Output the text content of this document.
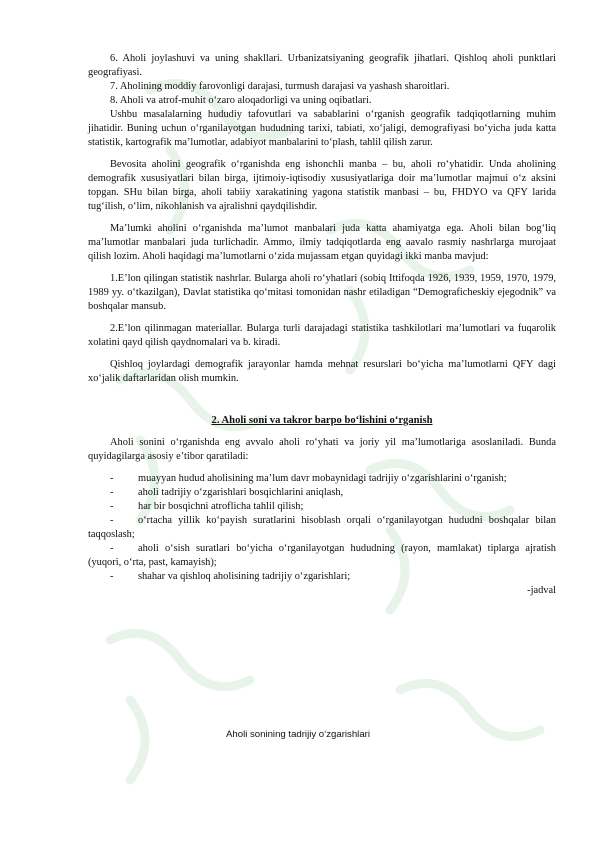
6. Aholi joylashuvi va uning shakllari. Urbanizatsiyaning geografik jihatlari. Qishloq aholi punktlari geografiyasi.

7. Aholining moddiy farovonligi darajasi, turmush darajasi va yashash sharoitlari.

8. Aholi va atrof-muhit o‘zaro aloqadorligi va uning oqibatlari.

Ushbu masalalarning hududiy tafovutlari va sabablarini o‘rganish geografik tadqiqotlarning muhim jihatidir. Buning uchun o‘rganilayotgan hududning tarixi, tabiati, xo‘jaligi, demografiyasi bo‘yicha juda katta statistik, kartografik ma’lumotlar, adabiyot manbalarini to‘plash, tahlil qilish zarur.

Bevosita aholini geografik o‘rganishda eng ishonchli manba – bu, aholi ro‘yhatidir. Unda aholining demografik xususiyatlari bilan birga, ijtimoiy-iqtisodiy xususiyatlariga doir ma’lumotlar majmui o‘z aksini topgan. SHu bilan birga, aholi tabiiy xarakatining yagona statistik manbasi – bu, FHDYO va QFY larida tug‘ilish, o‘lim, nikohlanish va ajralishni qaydqilishdir.

Ma’lumki aholini o‘rganishda ma’lumot manbalari juda katta ahamiyatga ega. Aholi bilan bog‘liq ma’lumotlar manbalari juda turlichadir. Ammo, ilmiy tadqiqotlarda eng aavalo rasmiy nashrlarga murojaat qilish lozim. Aholi haqidagi ma’lumotlarni o‘zida mujassam etgan quyidagi ikki manba mavjud:

1.E’lon qilingan statistik nashrlar. Bularga aholi ro‘yhatlari (sobiq Ittifoqda 1926, 1939, 1959, 1970, 1979, 1989 yy. o‘tkazilgan), Davlat statistika qo‘mitasi tomonidan nashr etiladigan “Demograficheskiy ejegodnik” va boshqalar mansub.

2.E’lon qilinmagan materiallar. Bularga turli darajadagi statistika tashkilotlari ma’lumotlari va fuqarolik xolatini qayd qilish qaydnomalari va b. kiradi.

Qishloq joylardagi demografik jarayonlar hamda mehnat resurslari bo‘yicha ma’lumotlarni QFY dagi xo‘jalik daftarlaridan olish mumkin.

2. Aholi soni va takror barpo bo‘lishini o‘rganish

Aholi sonini o‘rganishda eng avvalo aholi ro‘yhati va joriy yil ma’lumotlariga asoslaniladi. Bunda quyidagilarga asosiy e’tibor qaratiladi:

- muayyan hudud aholisining ma’lum davr mobaynidagi tadrijiy o‘zgarishlarini o‘rganish;

- aholi tadrijiy o‘zgarishlari bosqichlarini aniqlash,

- har bir bosqichni atroflicha tahlil qilish;

- o‘rtacha yillik ko‘payish suratlarini hisoblash orqali o‘rganilayotgan hududni boshqalar bilan taqqoslash;

- aholi o‘sish suratlari bo‘yicha o‘rganilayotgan hududning (rayon, mamlakat) tiplarga ajratish (yuqori, o‘rta, past, kamayish);

- shahar va qishloq aholisining tadrijiy o‘zgarishlari;

-jadval

Aholi sonining tadrijiy o‘zgarishlari
